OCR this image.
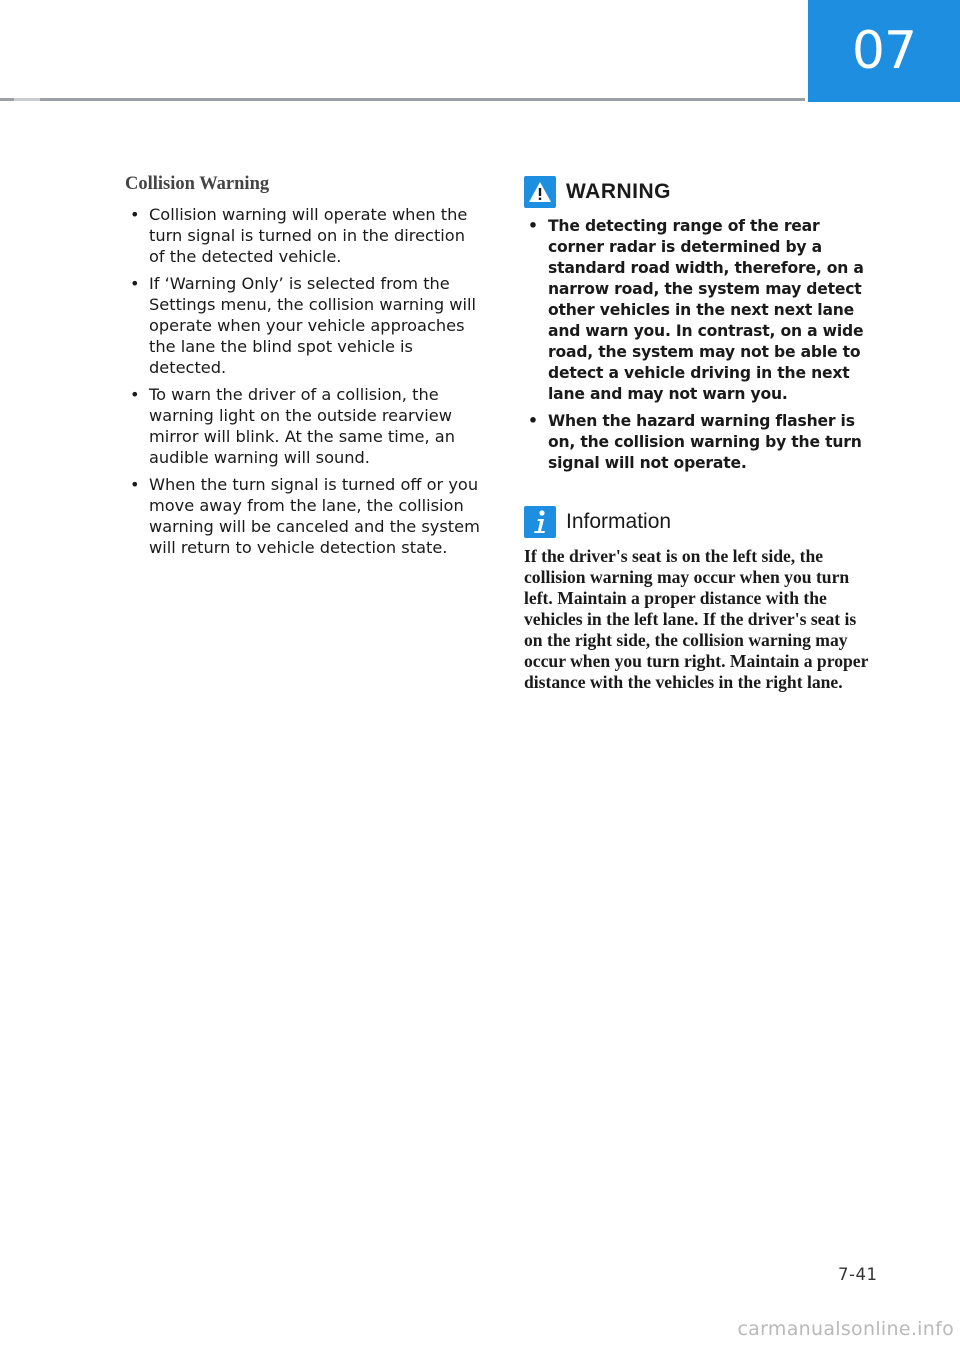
07
Collision Warning
• Collision warning will operate when the turn signal is turned on in the direction of the detected vehicle.
• If ‘Warning Only’ is selected from the Settings menu, the collision warning will operate when your vehicle approaches the lane the blind spot vehicle is detected.
• To warn the driver of a collision, the warning light on the outside rearview mirror will blink. At the same time, an audible warning will sound.
• When the turn signal is turned off or you move away from the lane, the collision warning will be canceled and the system will return to vehicle detection state.
WARNING
• The detecting range of the rear corner radar is determined by a standard road width, therefore, on a narrow road, the system may detect other vehicles in the next next lane and warn you. In contrast, on a wide road, the system may not be able to detect a vehicle driving in the next lane and may not warn you.
• When the hazard warning flasher is on, the collision warning by the turn signal will not operate.
Information

If the driver's seat is on the left side, the collision warning may occur when you turn left. Maintain a proper distance with the vehicles in the left lane. If the driver's seat is on the right side, the collision warning may occur when you turn right. Maintain a proper distance with the vehicles in the right lane.

7-41
carmanualsonline.info
